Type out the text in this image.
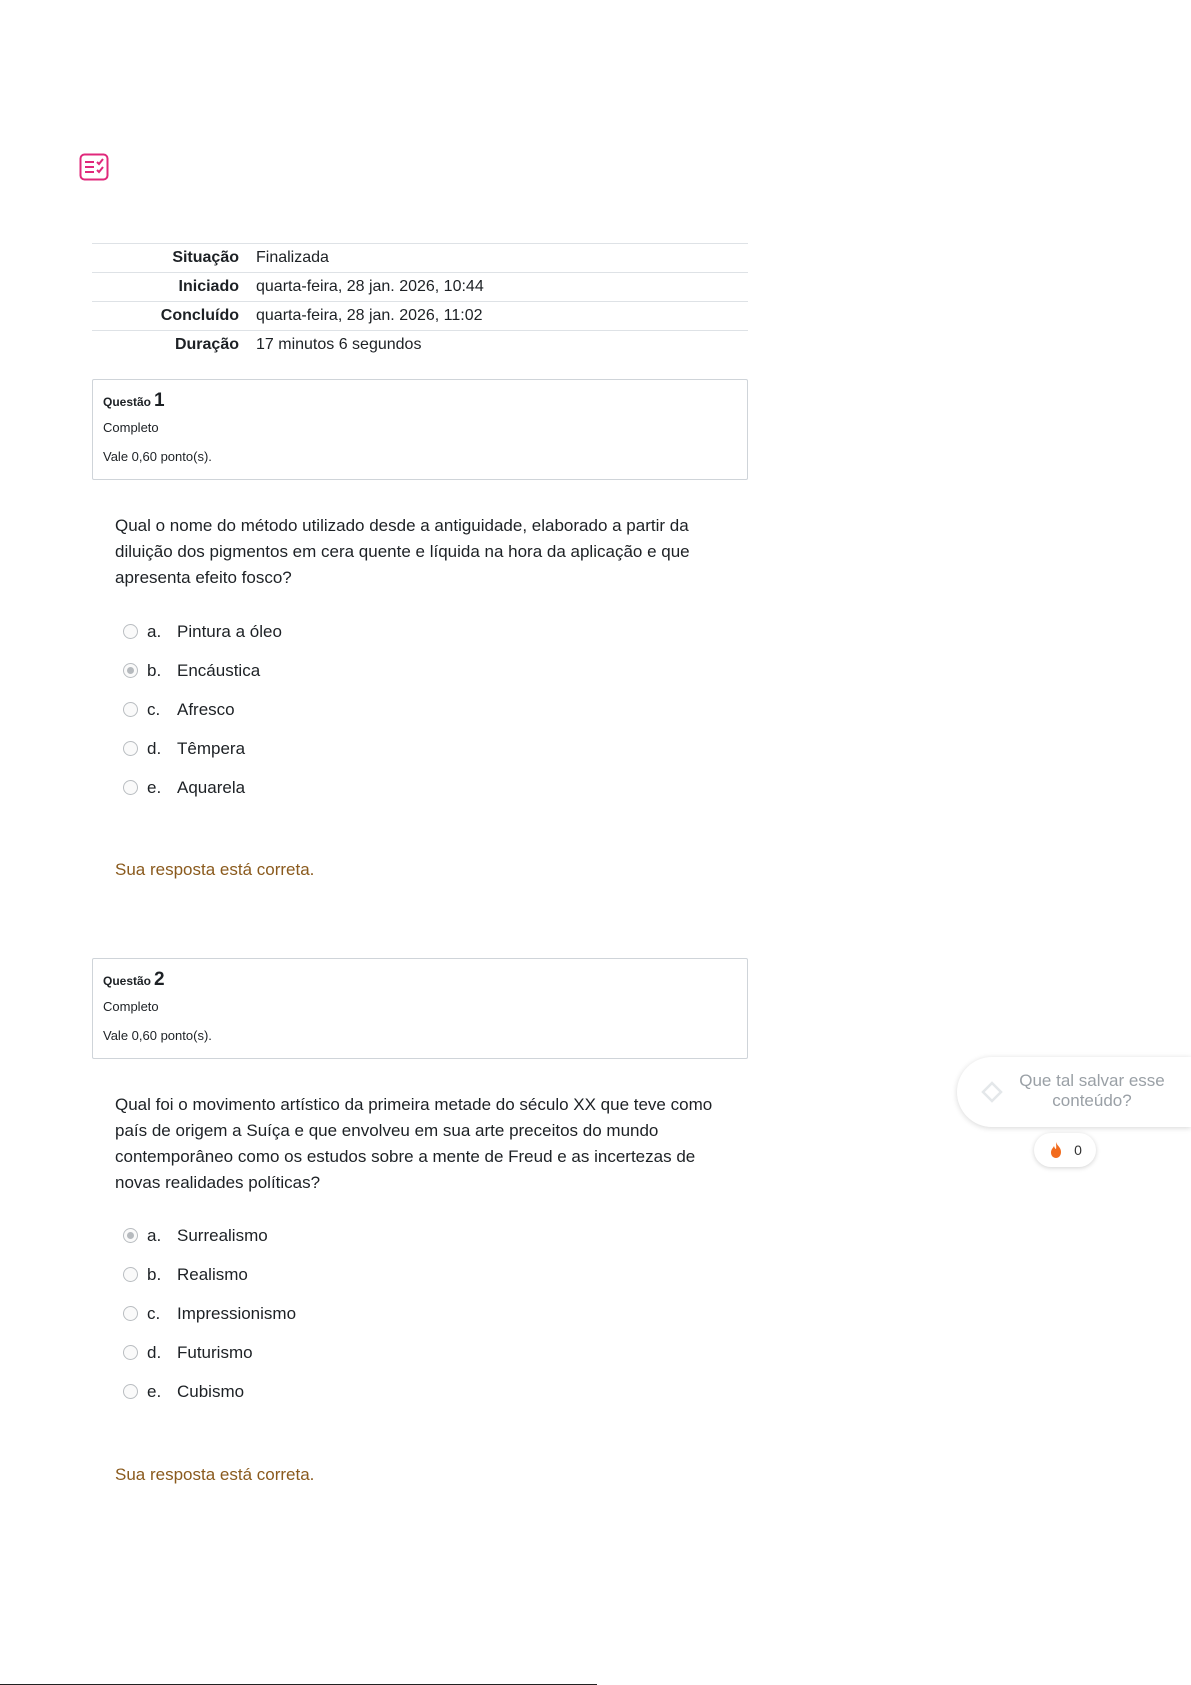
Situação	Finalizada
Iniciado	quarta-feira, 28 jan. 2026, 10:44
Concluído	quarta-feira, 28 jan. 2026, 11:02
Duração	17 minutos 6 segundos
Questão 1
Completo
Vale 0,60 ponto(s).
Qual o nome do método utilizado desde a antiguidade, elaborado a partir da diluição dos pigmentos em cera quente e líquida na hora da aplicação e que apresenta efeito fosco?
a. Pintura a óleo
b. Encáustica
c. Afresco
d. Têmpera
e. Aquarela
Sua resposta está correta.
Questão 2
Completo
Vale 0,60 ponto(s).
Qual foi o movimento artístico da primeira metade do século XX que teve como país de origem a Suíça e que envolveu em sua arte preceitos do mundo contemporâneo como os estudos sobre a mente de Freud e as incertezas de novas realidades políticas?
a. Surrealismo
b. Realismo
c. Impressionismo
d. Futurismo
e. Cubismo
Sua resposta está correta.
Que tal salvar esse conteúdo?
0
